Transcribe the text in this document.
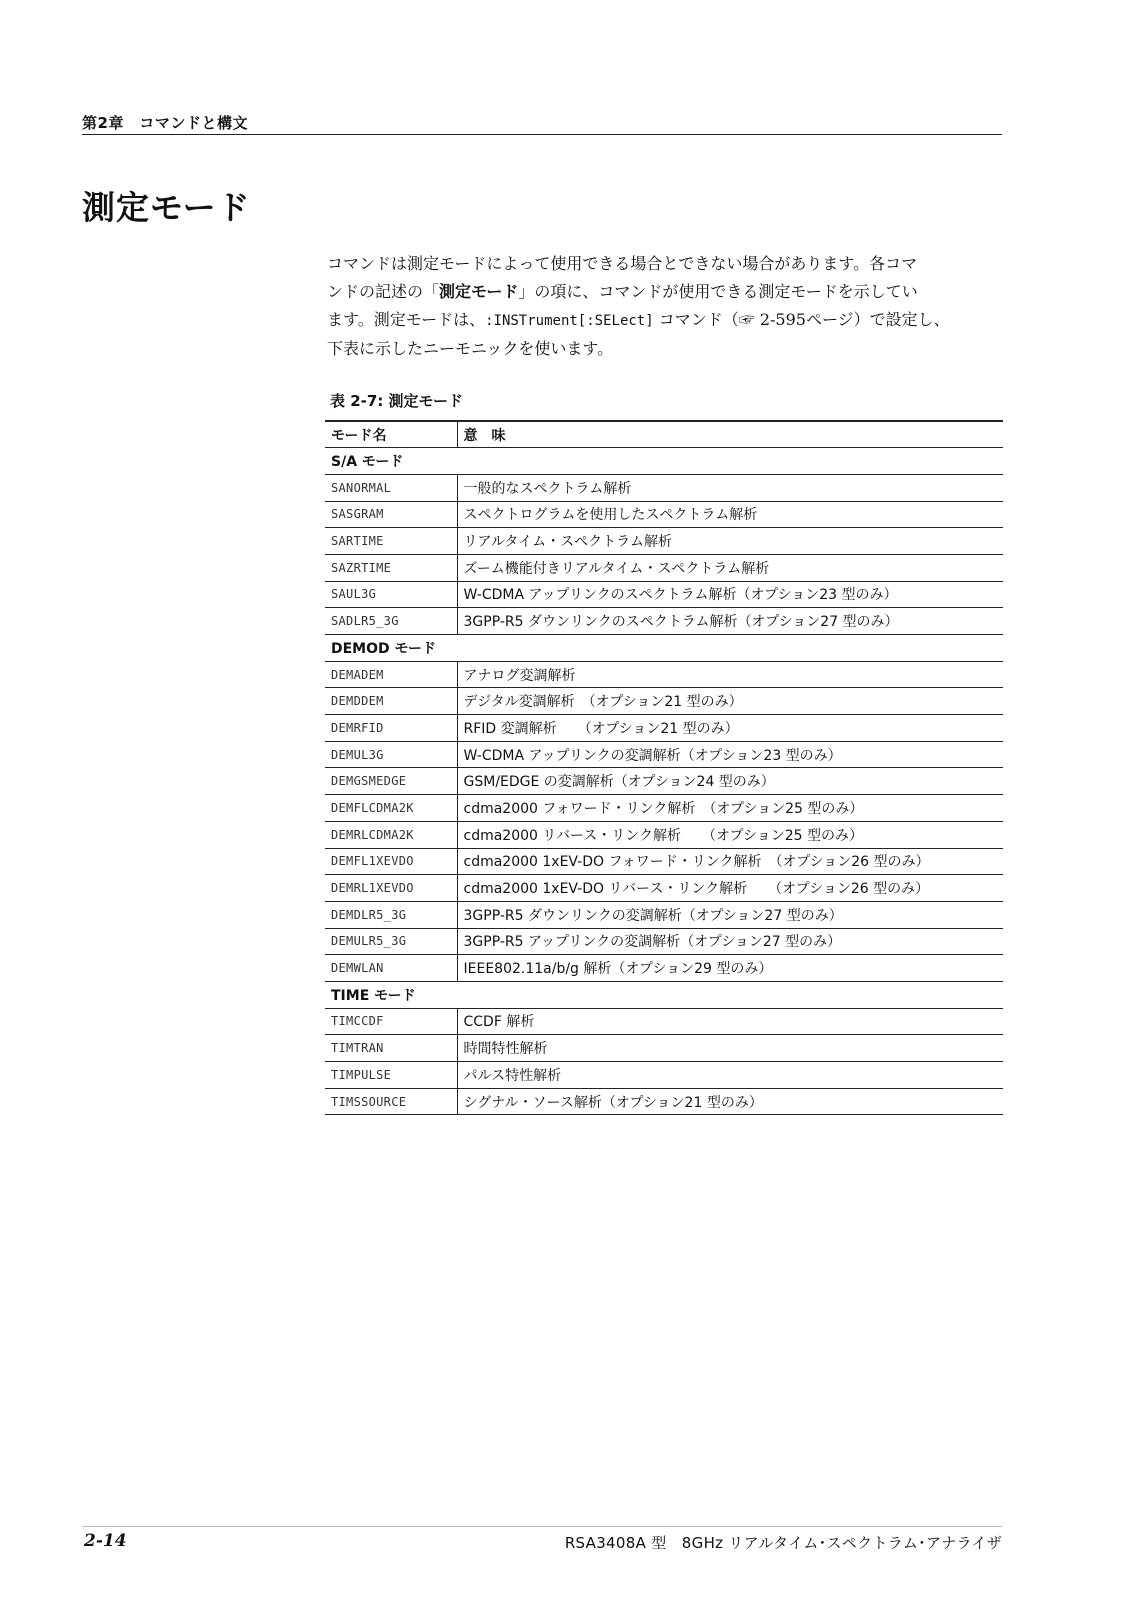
第2章　コマンドと構文
測定モード
コマンドは測定モードによって使用できる場合とできない場合があります。各コマ
ンドの記述の「測定モード」の項に、コマンドが使用できる測定モードを示してい
ます。測定モードは、:INSTrument[:SELect] コマンド（☞ 2-595ページ）で設定し、
下表に示したニーモニックを使います。
表 2-7: 測定モード
モード名	意　味
S/A モード	
SANORMAL	一般的なスペクトラム解析
SASGRAM	スペクトログラムを使用したスペクトラム解析
SARTIME	リアルタイム・スペクトラム解析
SAZRTIME	ズーム機能付きリアルタイム・スペクトラム解析
SAUL3G	W-CDMA アップリンクのスペクトラム解析（オプション23 型のみ）
SADLR5_3G	3GPP-R5 ダウンリンクのスペクトラム解析（オプション27 型のみ）
DEMOD モード	
DEMADEM	アナログ変調解析
DEMDDEM	デジタル変調解析　（オプション21 型のみ）
DEMRFID	RFID 変調解析　　（オプション21 型のみ）
DEMUL3G	W-CDMA アップリンクの変調解析（オプション23 型のみ）
DEMGSMEDGE	GSM/EDGE の変調解析（オプション24 型のみ）
DEMFLCDMA2K	cdma2000 フォワード・リンク解析　（オプション25 型のみ）
DEMRLCDMA2K	cdma2000 リバース・リンク解析　　（オプション25 型のみ）
DEMFL1XEVDO	cdma2000 1xEV-DO フォワード・リンク解析　（オプション26 型のみ）
DEMRL1XEVDO	cdma2000 1xEV-DO リバース・リンク解析　　（オプション26 型のみ）
DEMDLR5_3G	3GPP-R5 ダウンリンクの変調解析（オプション27 型のみ）
DEMULR5_3G	3GPP-R5 アップリンクの変調解析（オプション27 型のみ）
DEMWLAN	IEEE802.11a/b/g 解析（オプション29 型のみ）
TIME モード	
TIMCCDF	CCDF 解析
TIMTRAN	時間特性解析
TIMPULSE	パルス特性解析
TIMSSOURCE	シグナル・ソース解析（オプション21 型のみ）
2-14	RSA3408A 型　8GHz リアルタイム･スペクトラム･アナライザ
